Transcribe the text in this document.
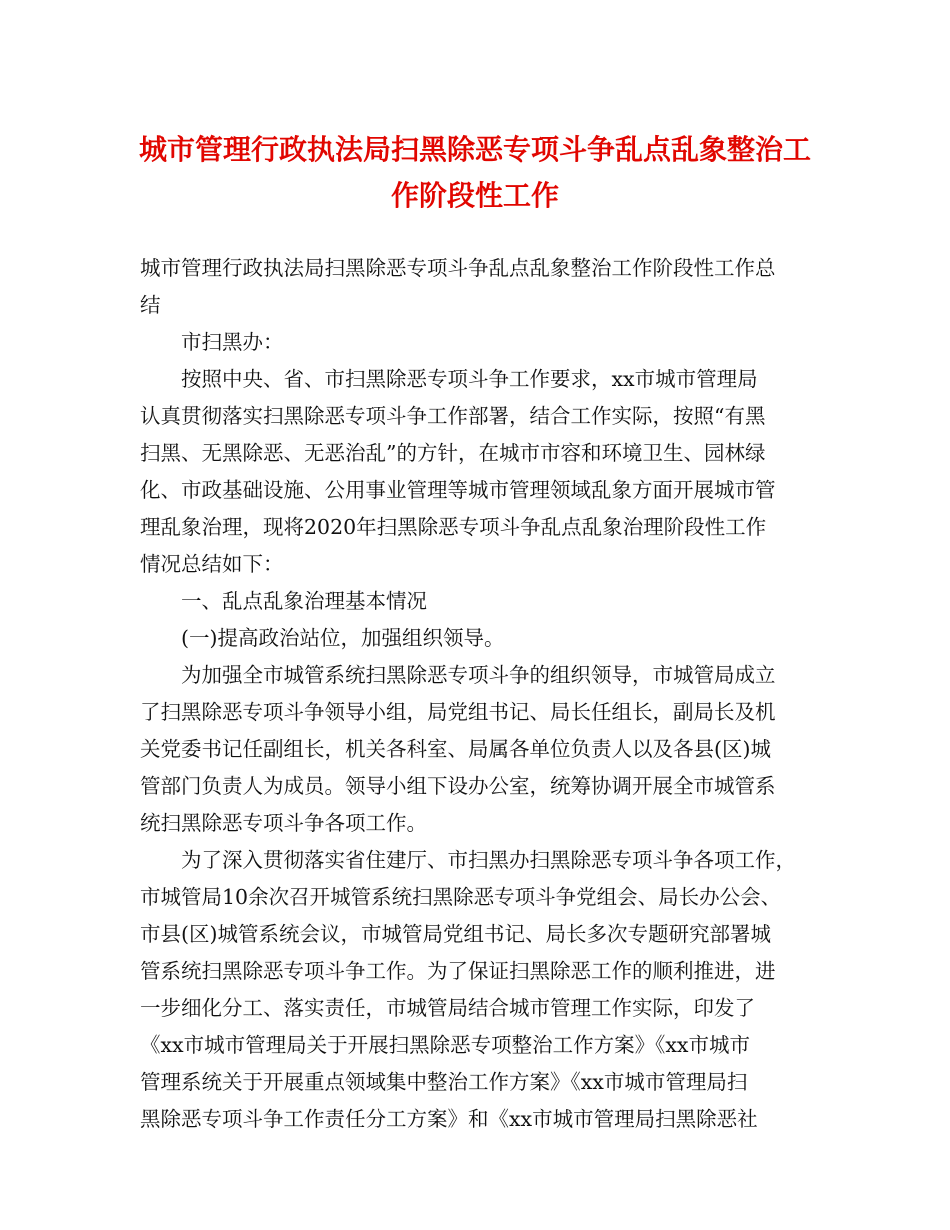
城市管理行政执法局扫黑除恶专项斗争乱点乱象整治工
作阶段性工作
城市管理行政执法局扫黑除恶专项斗争乱点乱象整治工作阶段性工作总
结
市扫黑办：
按照中央、省、市扫黑除恶专项斗争工作要求，xx市城市管理局
认真贯彻落实扫黑除恶专项斗争工作部署，结合工作实际，按照“有黑
扫黑、无黑除恶、无恶治乱”的方针，在城市市容和环境卫生、园林绿
化、市政基础设施、公用事业管理等城市管理领域乱象方面开展城市管
理乱象治理，现将2020年扫黑除恶专项斗争乱点乱象治理阶段性工作
情况总结如下：
一、乱点乱象治理基本情况
(一)提高政治站位，加强组织领导。
为加强全市城管系统扫黑除恶专项斗争的组织领导，市城管局成立
了扫黑除恶专项斗争领导小组，局党组书记、局长任组长，副局长及机
关党委书记任副组长，机关各科室、局属各单位负责人以及各县(区)城
管部门负责人为成员。领导小组下设办公室，统筹协调开展全市城管系
统扫黑除恶专项斗争各项工作。
为了深入贯彻落实省住建厅、市扫黑办扫黑除恶专项斗争各项工作，
市城管局10余次召开城管系统扫黑除恶专项斗争党组会、局长办公会、
市县(区)城管系统会议，市城管局党组书记、局长多次专题研究部署城
管系统扫黑除恶专项斗争工作。为了保证扫黑除恶工作的顺利推进，进
一步细化分工、落实责任，市城管局结合城市管理工作实际，印发了
《xx市城市管理局关于开展扫黑除恶专项整治工作方案》《xx市城市
管理系统关于开展重点领域集中整治工作方案》《xx市城市管理局扫
黑除恶专项斗争工作责任分工方案》和《xx市城市管理局扫黑除恶社
